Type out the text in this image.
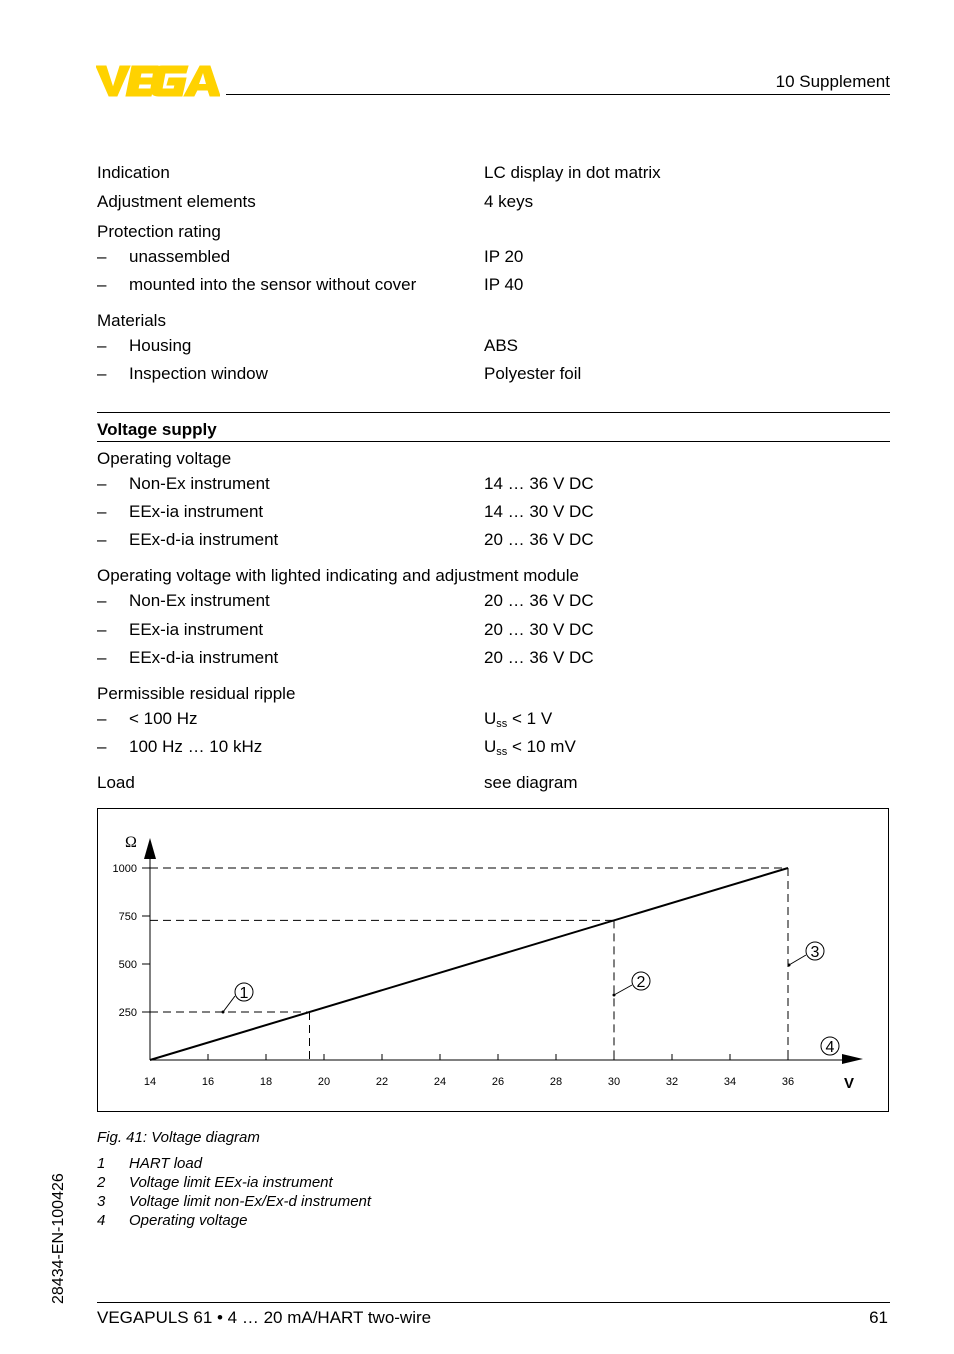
10 Supplement
Indication	LC display in dot matrix
Adjustment elements	4 keys
Protection rating
– unassembled	IP 20
– mounted into the sensor without cover	IP 40
Materials
– Housing	ABS
– Inspection window	Polyester foil
Voltage supply
Operating voltage
– Non-Ex instrument	14 … 36 V DC
– EEx-ia instrument	14 … 30 V DC
– EEx-d-ia instrument	20 … 36 V DC
Operating voltage with lighted indicating and adjustment module
– Non-Ex instrument	20 … 36 V DC
– EEx-ia instrument	20 … 30 V DC
– EEx-d-ia instrument	20 … 36 V DC
Permissible residual ripple
– < 100 Hz	$U_{ss} < 1$ V
– 100 Hz … 10 kHz	$U_{ss} < 10$ mV
Load	see diagram
250
500
750
1000
14	16	18	20	22	24	26	28	30	32	34	36
Ω
V
1
2
3
4
Fig. 41: Voltage diagram
1 HART load
2 Voltage limit EEx-ia instrument
3 Voltage limit non-Ex/Ex-d instrument
4 Operating voltage
28434-EN-100426
VEGAPULS 61 • 4 … 20 mA/HART two-wire	61
